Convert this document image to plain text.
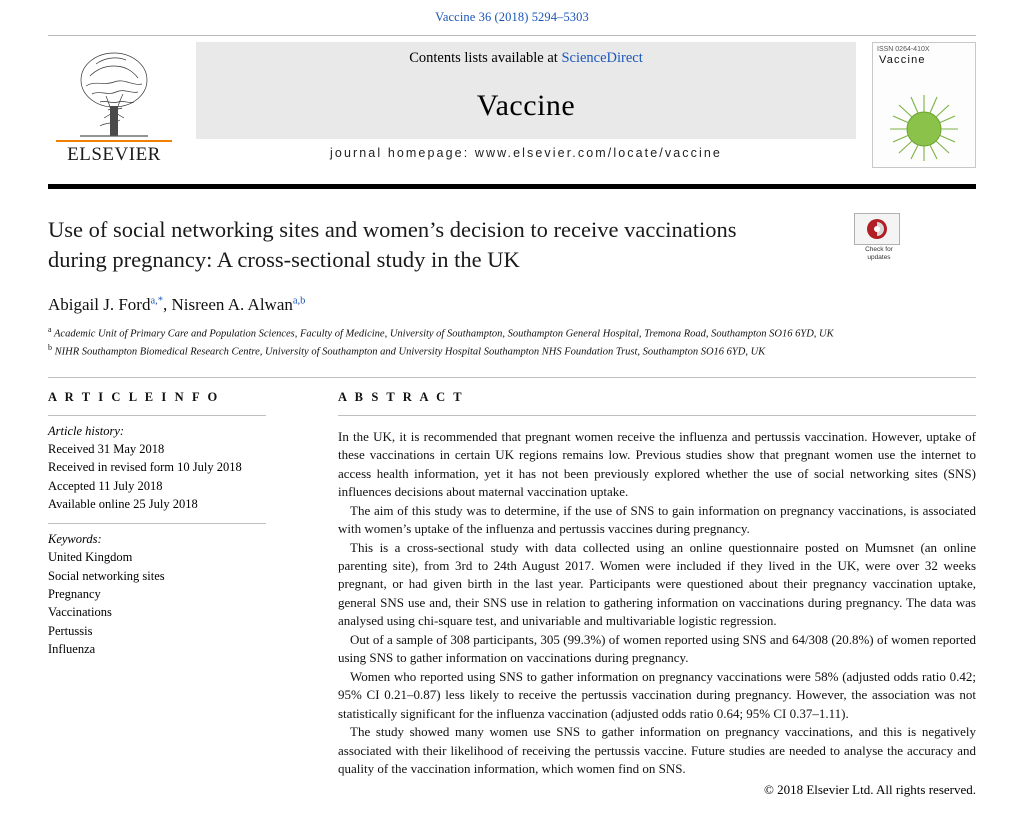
Vaccine 36 (2018) 5294–5303
ELSEVIER
Contents lists available at ScienceDirect
Vaccine
journal homepage: www.elsevier.com/locate/vaccine
ISSN 0264-410X
Vaccine
Use of social networking sites and women’s decision to receive vaccinations during pregnancy: A cross-sectional study in the UK	Check for updates
Abigail J. Ford$^{a,*}$, Nisreen A. Alwan$^{a,b}$
$^a$ Academic Unit of Primary Care and Population Sciences, Faculty of Medicine, University of Southampton, Southampton General Hospital, Tremona Road, Southampton SO16 6YD, UK
$^b$ NIHR Southampton Biomedical Research Centre, University of Southampton and University Hospital Southampton NHS Foundation Trust, Southampton SO16 6YD, UK
A R T I C L E I N F O
Article history:
Received 31 May 2018
Received in revised form 10 July 2018
Accepted 11 July 2018
Available online 25 July 2018
Keywords:
United Kingdom
Social networking sites
Pregnancy
Vaccinations
Pertussis
Influenza
A B S T R A C T

In the UK, it is recommended that pregnant women receive the influenza and pertussis vaccination. However, uptake of these vaccinations in certain UK regions remains low. Previous studies show that pregnant women use the internet to access health information, yet it has not been previously explored whether the use of social networking sites (SNS) influences decisions about maternal vaccination uptake.

The aim of this study was to determine, if the use of SNS to gain information on pregnancy vaccinations, is associated with women’s uptake of the influenza and pertussis vaccines during pregnancy.

This is a cross-sectional study with data collected using an online questionnaire posted on Mumsnet (an online parenting site), from 3rd to 24th August 2017. Women were included if they lived in the UK, were over 32 weeks pregnant, or had given birth in the last year. Participants were questioned about their pregnancy vaccination uptake, general SNS use and, their SNS use in relation to gathering information on vaccinations during pregnancy. The data was analysed using chi-square test, and univariable and multivariable logistic regression.

Out of a sample of 308 participants, 305 (99.3%) of women reported using SNS and 64/308 (20.8%) of women reported using SNS to gather information on vaccinations during pregnancy.

Women who reported using SNS to gather information on pregnancy vaccinations were 58% (adjusted odds ratio 0.42; 95% CI 0.21–0.87) less likely to receive the pertussis vaccination during pregnancy. However, the association was not statistically significant for the influenza vaccination (adjusted odds ratio 0.64; 95% CI 0.37–1.11).

The study showed many women use SNS to gather information on pregnancy vaccinations, and this is negatively associated with their likelihood of receiving the pertussis vaccine. Future studies are needed to analyse the accuracy and quality of the vaccination information, which women find on SNS.

© 2018 Elsevier Ltd. All rights reserved.
